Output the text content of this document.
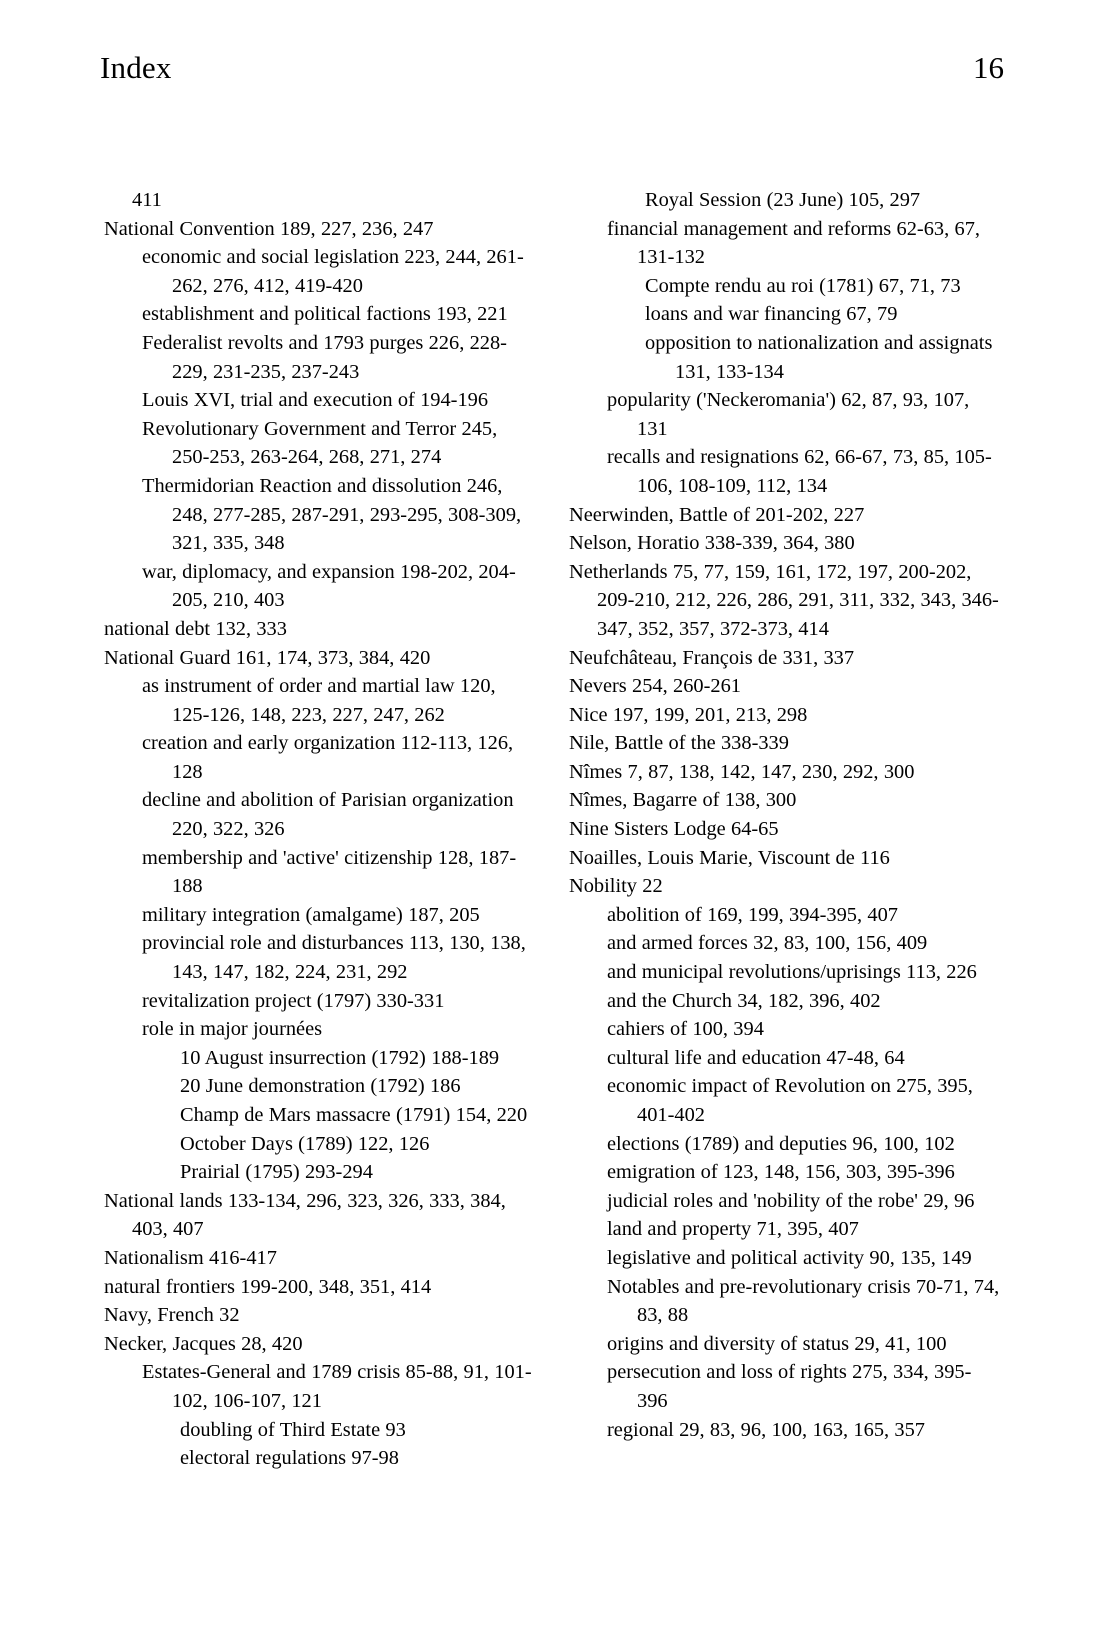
Index	16

411

National Convention 189, 227, 236, 247

economic and social legislation 223, 244, 261-262, 276, 412, 419-420

establishment and political factions 193, 221

Federalist revolts and 1793 purges 226, 228-229, 231-235, 237-243

Louis XVI, trial and execution of 194-196

Revolutionary Government and Terror 245, 250-253, 263-264, 268, 271, 274

Thermidorian Reaction and dissolution 246, 248, 277-285, 287-291, 293-295, 308-309, 321, 335, 348

war, diplomacy, and expansion 198-202, 204-205, 210, 403

national debt 132, 333

National Guard 161, 174, 373, 384, 420

as instrument of order and martial law 120, 125-126, 148, 223, 227, 247, 262

creation and early organization 112-113, 126, 128

decline and abolition of Parisian organization 220, 322, 326

membership and 'active' citizenship 128, 187-188

military integration (amalgame) 187, 205

provincial role and disturbances 113, 130, 138, 143, 147, 182, 224, 231, 292

revitalization project (1797) 330-331

role in major journées

10 August insurrection (1792) 188-189

20 June demonstration (1792) 186

Champ de Mars massacre (1791) 154, 220

October Days (1789) 122, 126

Prairial (1795) 293-294

National lands 133-134, 296, 323, 326, 333, 384, 403, 407

Nationalism 416-417

natural frontiers 199-200, 348, 351, 414

Navy, French 32

Necker, Jacques 28, 420

Estates-General and 1789 crisis 85-88, 91, 101-102, 106-107, 121

doubling of Third Estate 93

electoral regulations 97-98

Royal Session (23 June) 105, 297

financial management and reforms 62-63, 67, 131-132

Compte rendu au roi (1781) 67, 71, 73

loans and war financing 67, 79

opposition to nationalization and assignats 131, 133-134

popularity ('Neckeromania') 62, 87, 93, 107, 131

recalls and resignations 62, 66-67, 73, 85, 105-106, 108-109, 112, 134

Neerwinden, Battle of 201-202, 227

Nelson, Horatio 338-339, 364, 380

Netherlands 75, 77, 159, 161, 172, 197, 200-202, 209-210, 212, 226, 286, 291, 311, 332, 343, 346-347, 352, 357, 372-373, 414

Neufchâteau, François de 331, 337

Nevers 254, 260-261

Nice 197, 199, 201, 213, 298

Nile, Battle of the 338-339

Nîmes 7, 87, 138, 142, 147, 230, 292, 300

Nîmes, Bagarre of 138, 300

Nine Sisters Lodge 64-65

Noailles, Louis Marie, Viscount de 116

Nobility 22

abolition of 169, 199, 394-395, 407

and armed forces 32, 83, 100, 156, 409

and municipal revolutions/uprisings 113, 226

and the Church 34, 182, 396, 402

cahiers of 100, 394

cultural life and education 47-48, 64

economic impact of Revolution on 275, 395, 401-402

elections (1789) and deputies 96, 100, 102

emigration of 123, 148, 156, 303, 395-396

judicial roles and 'nobility of the robe' 29, 96

land and property 71, 395, 407

legislative and political activity 90, 135, 149

Notables and pre-revolutionary crisis 70-71, 74, 83, 88

origins and diversity of status 29, 41, 100

persecution and loss of rights 275, 334, 395-396

regional 29, 83, 96, 100, 163, 165, 357
